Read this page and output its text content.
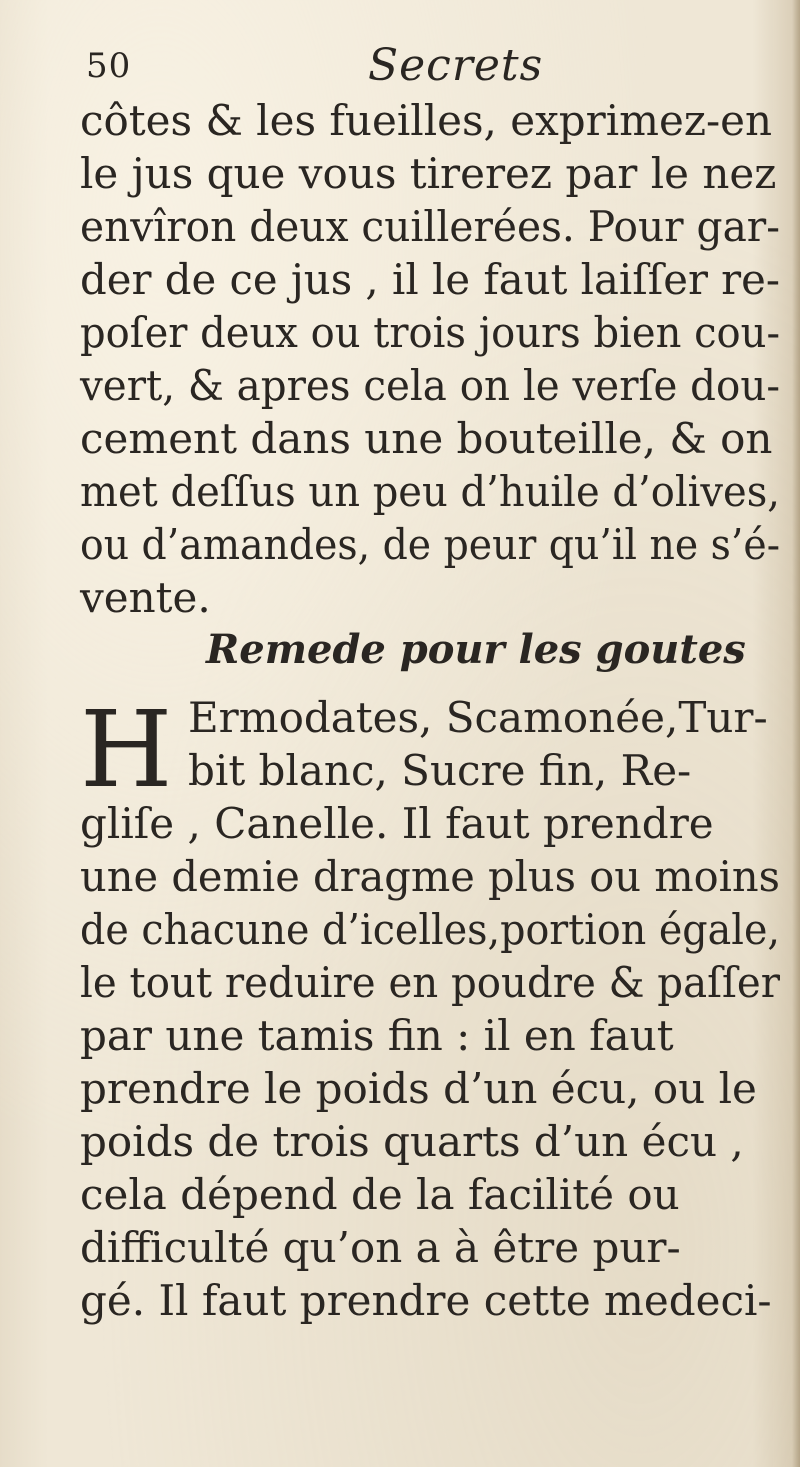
50	Secrets
côtes & les fueilles, exprimez-en
le jus que vous tirerez par le nez
envîron deux cuillerées. Pour gar-
der de ce jus , il le faut laiſſer re-
poſer deux ou trois jours bien cou-
vert, & apres cela on le verſe dou-
cement dans une bouteille, & on
met deſſus un peu d’huile d’olives,
ou d’amandes, de peur qu’il ne s’é-
vente.
Remede pour les goutes
H Ermodates, Scamonée,Tur-
bit blanc, Sucre fin, Re-
gliſe , Canelle. Il faut prendre
une demie dragme plus ou moins
de chacune d’icelles,portion égale,
le tout reduire en poudre & paſſer
par une tamis fin : il en faut
prendre le poids d’un écu, ou le
poids de trois quarts d’un écu ,
cela dépend de la facilité ou
difficulté qu’on a à être pur-
gé. Il faut prendre cette medeci-
